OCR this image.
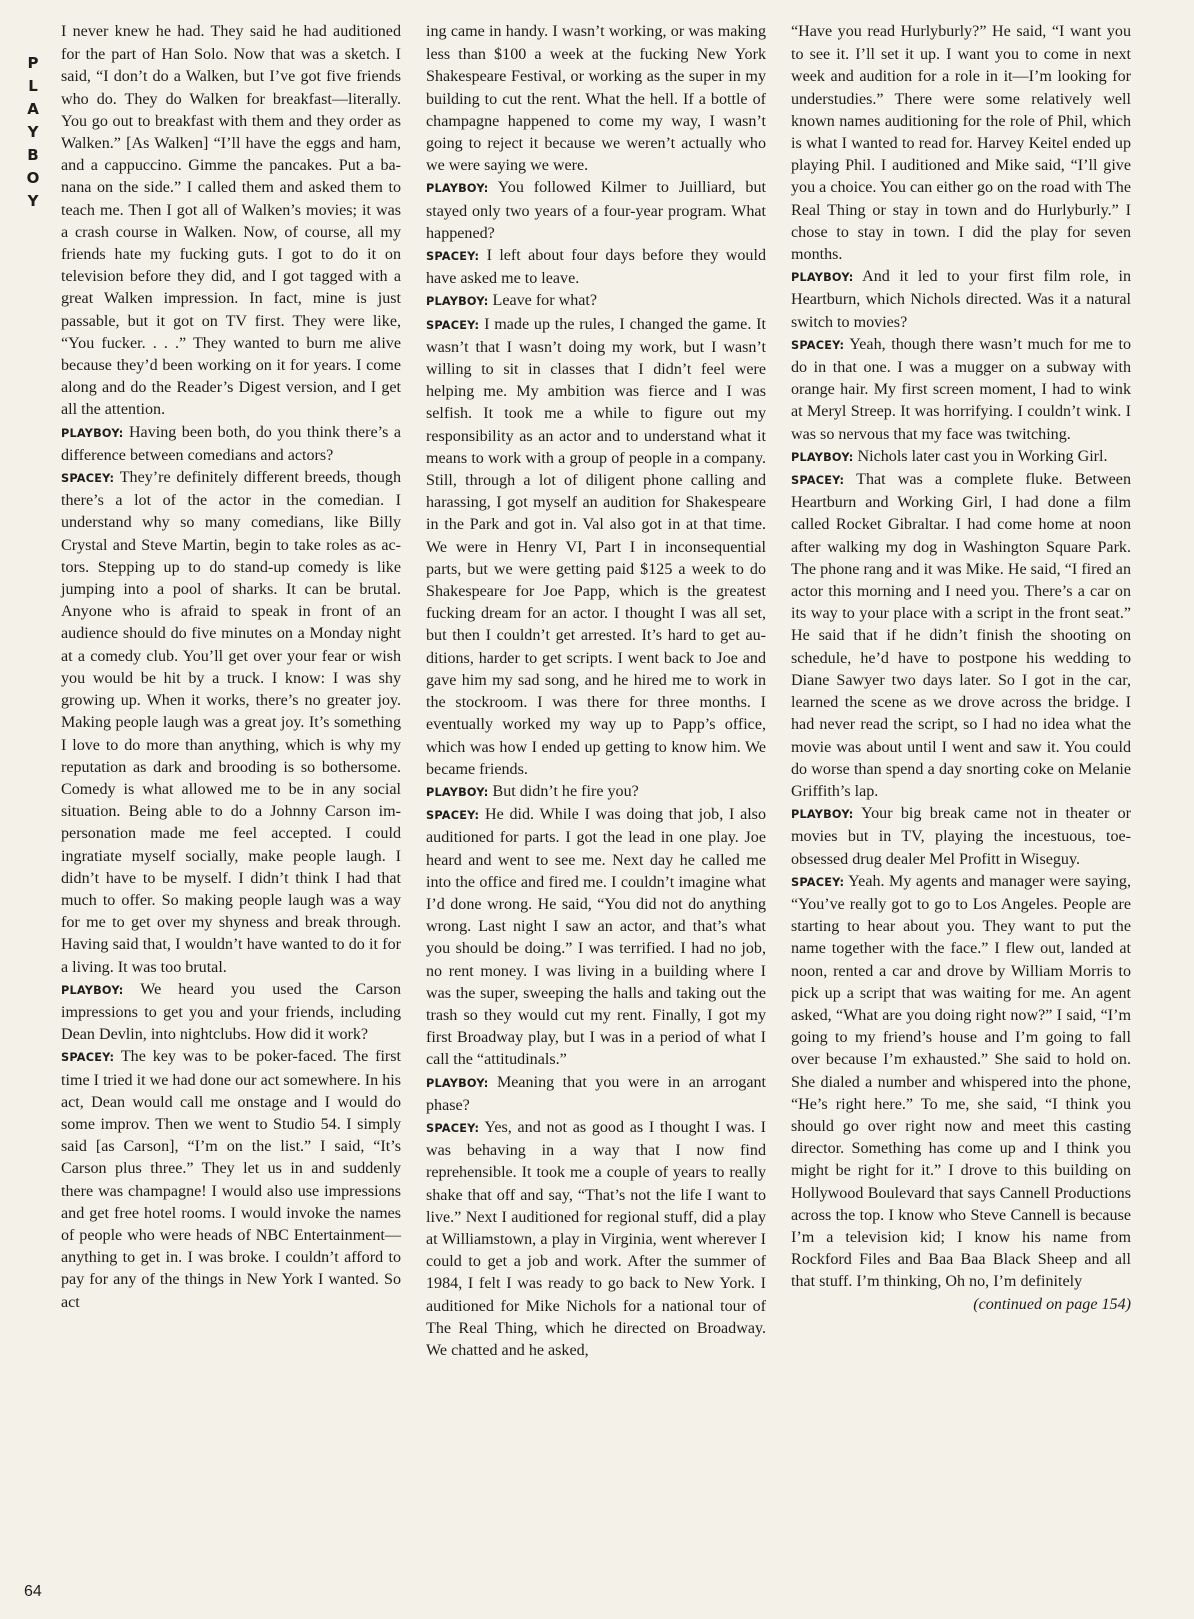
P
L
A
Y
B
O
Y

I never knew he had. They said he had auditioned for the part of Han Solo. Now that was a sketch. I said, “I don’t do a Walken, but I’ve got five friends who do. They do Walken for breakfast—literally. You go out to breakfast with them and they order as Walken.” [As Walken] “I’ll have the eggs and ham, and a cappuccino. Gimme the pancakes. Put a banana on the side.” I called them and asked them to teach me. Then I got all of Walken’s movies; it was a crash course in Walken. Now, of course, all my friends hate my fucking guts. I got to do it on television before they did, and I got tagged with a great Walken impression. In fact, mine is just passable, but it got on TV first. They were like, “You fucker. . . .” They wanted to burn me alive because they’d been working on it for years. I come along and do the Reader’s Digest version, and I get all the attention.

PLAYBOY: Having been both, do you think there’s a difference between comedians and actors?

SPACEY: They’re definitely different breeds, though there’s a lot of the actor in the comedian. I understand why so many comedians, like Billy Crystal and Steve Martin, begin to take roles as actors. Stepping up to do stand-up comedy is like jumping into a pool of sharks. It can be brutal. Anyone who is afraid to speak in front of an audience should do five minutes on a Monday night at a comedy club. You’ll get over your fear or wish you would be hit by a truck. I know: I was shy growing up. When it works, there’s no greater joy. Making people laugh was a great joy. It’s something I love to do more than anything, which is why my reputation as dark and brooding is so bothersome. Comedy is what allowed me to be in any social situation. Being able to do a Johnny Carson impersonation made me feel accepted. I could ingratiate myself socially, make people laugh. I didn’t have to be myself. I didn’t think I had that much to offer. So making people laugh was a way for me to get over my shyness and break through. Having said that, I wouldn’t have wanted to do it for a living. It was too brutal.

PLAYBOY: We heard you used the Carson impressions to get you and your friends, including Dean Devlin, into nightclubs. How did it work?

SPACEY: The key was to be poker-faced. The first time I tried it we had done our act somewhere. In his act, Dean would call me onstage and I would do some improv. Then we went to Studio 54. I simply said [as Carson], “I’m on the list.” I said, “It’s Carson plus three.” They let us in and suddenly there was champagne! I would also use impressions and get free hotel rooms. I would invoke the names of people who were heads of NBC Entertainment—anything to get in. I was broke. I couldn’t afford to pay for any of the things in New York I wanted. So act

ing came in handy. I wasn’t working, or was making less than $100 a week at the fucking New York Shakespeare Festival, or working as the super in my building to cut the rent. What the hell. If a bottle of champagne happened to come my way, I wasn’t going to reject it because we weren’t actually who we were saying we were.

PLAYBOY: You followed Kilmer to Juilliard, but stayed only two years of a four-year program. What happened?

SPACEY: I left about four days before they would have asked me to leave.

PLAYBOY: Leave for what?

SPACEY: I made up the rules, I changed the game. It wasn’t that I wasn’t doing my work, but I wasn’t willing to sit in classes that I didn’t feel were helping me. My ambition was fierce and I was selfish. It took me a while to figure out my responsibility as an actor and to understand what it means to work with a group of people in a company. Still, through a lot of diligent phone calling and harassing, I got myself an audition for Shakespeare in the Park and got in. Val also got in at that time. We were in Henry VI, Part I in inconsequential parts, but we were getting paid $125 a week to do Shakespeare for Joe Papp, which is the greatest fucking dream for an actor. I thought I was all set, but then I couldn’t get arrested. It’s hard to get auditions, harder to get scripts. I went back to Joe and gave him my sad song, and he hired me to work in the stockroom. I was there for three months. I eventually worked my way up to Papp’s office, which was how I ended up getting to know him. We became friends.

PLAYBOY: But didn’t he fire you?

SPACEY: He did. While I was doing that job, I also auditioned for parts. I got the lead in one play. Joe heard and went to see me. Next day he called me into the office and fired me. I couldn’t imagine what I’d done wrong. He said, “You did not do anything wrong. Last night I saw an actor, and that’s what you should be doing.” I was terrified. I had no job, no rent money. I was living in a building where I was the super, sweeping the halls and taking out the trash so they would cut my rent. Finally, I got my first Broadway play, but I was in a period of what I call the “attitudinals.”

PLAYBOY: Meaning that you were in an arrogant phase?

SPACEY: Yes, and not as good as I thought I was. I was behaving in a way that I now find reprehensible. It took me a couple of years to really shake that off and say, “That’s not the life I want to live.” Next I auditioned for regional stuff, did a play at Williamstown, a play in Virginia, went wherever I could to get a job and work. After the summer of 1984, I felt I was ready to go back to New York. I auditioned for Mike Nichols for a national tour of The Real Thing, which he directed on Broadway. We chatted and he asked,

“Have you read Hurlyburly?” He said, “I want you to see it. I’ll set it up. I want you to come in next week and audition for a role in it—I’m looking for understudies.” There were some relatively well known names auditioning for the role of Phil, which is what I wanted to read for. Harvey Keitel ended up playing Phil. I auditioned and Mike said, “I’ll give you a choice. You can either go on the road with The Real Thing or stay in town and do Hurlyburly.” I chose to stay in town. I did the play for seven months.

PLAYBOY: And it led to your first film role, in Heartburn, which Nichols directed. Was it a natural switch to movies?

SPACEY: Yeah, though there wasn’t much for me to do in that one. I was a mugger on a subway with orange hair. My first screen moment, I had to wink at Meryl Streep. It was horrifying. I couldn’t wink. I was so nervous that my face was twitching.

PLAYBOY: Nichols later cast you in Working Girl.

SPACEY: That was a complete fluke. Between Heartburn and Working Girl, I had done a film called Rocket Gibraltar. I had come home at noon after walking my dog in Washington Square Park. The phone rang and it was Mike. He said, “I fired an actor this morning and I need you. There’s a car on its way to your place with a script in the front seat.” He said that if he didn’t finish the shooting on schedule, he’d have to postpone his wedding to Diane Sawyer two days later. So I got in the car, learned the scene as we drove across the bridge. I had never read the script, so I had no idea what the movie was about until I went and saw it. You could do worse than spend a day snorting coke on Melanie Griffith’s lap.

PLAYBOY: Your big break came not in theater or movies but in TV, playing the incestuous, toe-obsessed drug dealer Mel Profitt in Wiseguy.

SPACEY: Yeah. My agents and manager were saying, “You’ve really got to go to Los Angeles. People are starting to hear about you. They want to put the name together with the face.” I flew out, landed at noon, rented a car and drove by William Morris to pick up a script that was waiting for me. An agent asked, “What are you doing right now?” I said, “I’m going to my friend’s house and I’m going to fall over because I’m exhausted.” She said to hold on. She dialed a number and whispered into the phone, “He’s right here.” To me, she said, “I think you should go over right now and meet this casting director. Something has come up and I think you might be right for it.” I drove to this building on Hollywood Boulevard that says Cannell Productions across the top. I know who Steve Cannell is because I’m a television kid; I know his name from Rockford Files and Baa Baa Black Sheep and all that stuff. I’m thinking, Oh no, I’m definitely

(continued on page 154)

64
